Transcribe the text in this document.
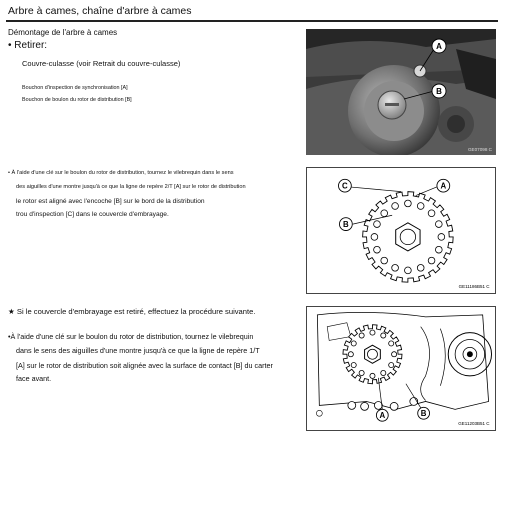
Arbre à cames, chaîne d'arbre à cames
Démontage de l'arbre à cames
• Retirer:
Couvre-culasse (voir Retrait du couvre-culasse)
Bouchon d'inspection de synchronisation [A]
Bouchon de boulon du rotor de distribution [B]
• À l'aide d'une clé sur le boulon du rotor de distribution, tournez le vilebrequin dans le sens
des aiguilles d'une montre jusqu'à ce que la ligne de repère 2/T [A] sur le rotor de distribution
le rotor est aligné avec l'encoche [B] sur le bord de la distribution
trou d'inspection [C] dans le couvercle d'embrayage.
★ Si le couvercle d'embrayage est retiré, effectuez la procédure suivante.
•À l'aide d'une clé sur le boulon du rotor de distribution, tournez le vilebrequin
dans le sens des aiguilles d'une montre jusqu'à ce que la ligne de repère 1/T
[A] sur le rotor de distribution soit alignée avec la surface de contact [B] du carter
face avant.
A
B
GE07098 C
C	A
B
GE11186B51 C
A	B
GE11203B51 C
